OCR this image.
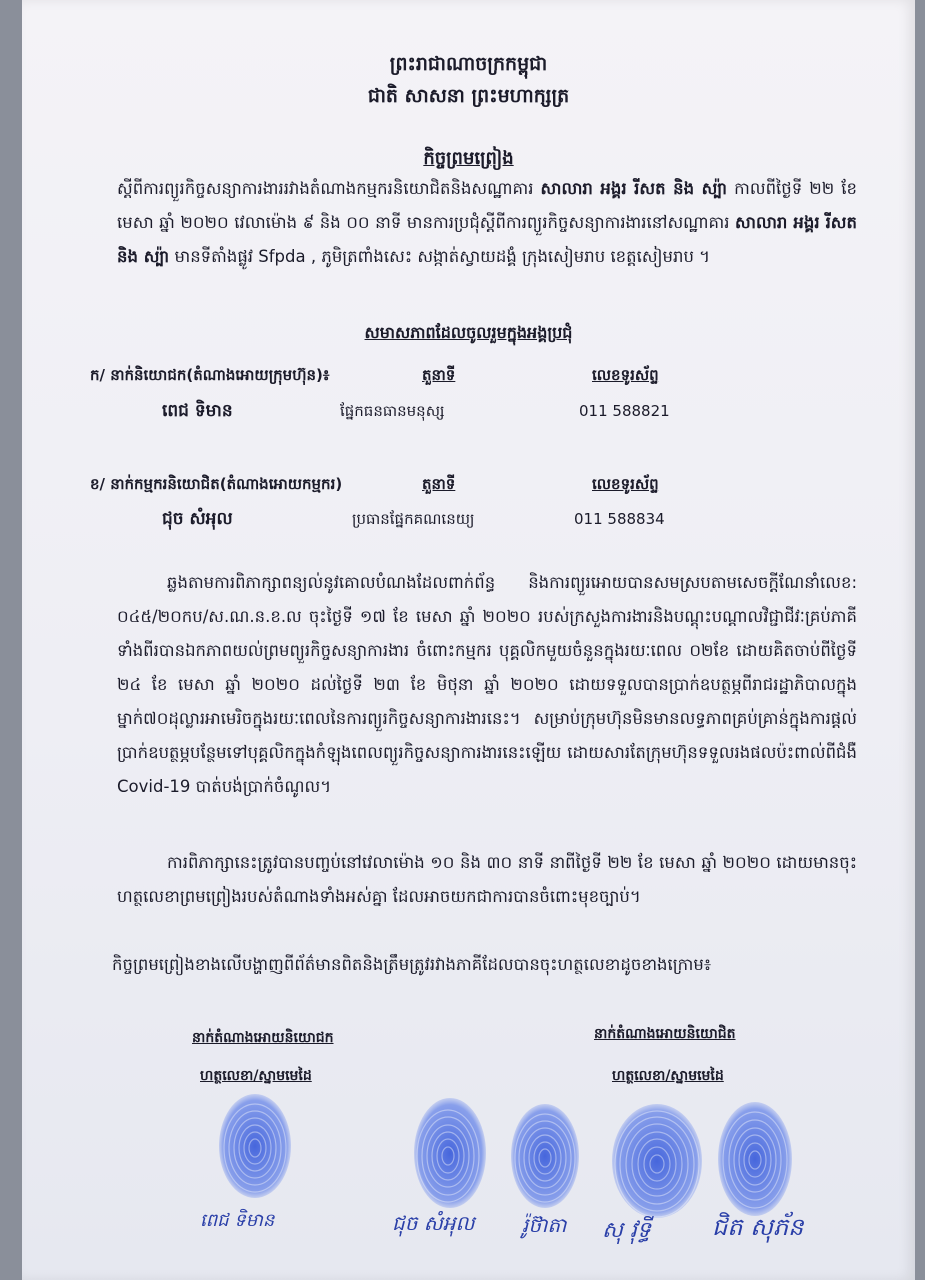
ព្រះរាជាណាចក្រកម្ពុជា
ជាតិ សាសនា ព្រះមហាក្សត្រ
កិច្ចព្រមព្រៀង

ស្តីពីការព្យួរកិច្ចសន្យាការងាររវាងតំណាងកម្មករនិយោជិតនិងសណ្ឋាគារ សាលារា អង្គរ រីសត និង ស្ប៉ា កាលពីថ្ងៃទី ២២ ខែ មេសា ឆ្នាំ ២០២០ វេលាម៉ោង ៩ និង ០០ នាទី មានការប្រជុំស្តីពីការព្យួរកិច្ចសន្យាការងារនៅសណ្ឋាគារ សាលារា អង្គរ រីសត និង ស្ប៉ា មានទីតាំងផ្លូវ Sfpda , ភូមិត្រពាំងសេះ សង្កាត់ស្វាយដង្គំ ក្រុងសៀមរាប ខេត្តសៀមរាប ។

សមាសភាពដែលចូលរួមក្នុងអង្គប្រជុំ
ក/ នាក់និយោជក(តំណាងអោយក្រុមហ៊ុន)៖	តួនាទី	លេខទូរស័ព្ទ
ពេជ ទិមាន	ផ្នែកធនធានមនុស្ស	011 588821
ខ/ នាក់កម្មករនិយោជិត(តំណាងអោយកម្មករ)	តួនាទី	លេខទូរស័ព្ទ
ជុច សំអុល	ប្រធានផ្នែកគណនេយ្យ	011 588834

ឆ្លងតាមការពិភាក្សាពន្យល់នូវគោលបំណងដែលពាក់ព័ន្ធ និងការព្យួរអោយបានសមស្របតាមសេចក្តីណែនាំលេខ: ០៤៥/២០កប/ស.ណ.ន.ខ.ល ចុះថ្ងៃទី ១៧ ខែ មេសា ឆ្នាំ ២០២០ របស់ក្រសួងការងារនិងបណ្តុះបណ្តាលវិជ្ជាជីវៈគ្រប់ភាគីទាំងពីរបានឯកភាពយល់ព្រមព្យួរកិច្ចសន្យាការងារ ចំពោះកម្មករ បុគ្គលិកមួយចំនួនក្នុងរយៈពេល ០២ខែ ដោយគិតចាប់ពីថ្ងៃទី ២៤ ខែ មេសា ឆ្នាំ ២០២០ ដល់ថ្ងៃទី ២៣ ខែ មិថុនា ឆ្នាំ ២០២០ ដោយទទួលបានប្រាក់ឧបត្ថម្ភពីរាជរដ្ឋាភិបាលក្នុងម្នាក់៧០ដុល្លារអាមេរិចក្នុងរយៈពេលនៃការព្យួរកិច្ចសន្យាការងារនេះ។ សម្រាប់ក្រុមហ៊ុនមិនមានលទ្ធភាពគ្រប់គ្រាន់ក្នុងការផ្តល់ប្រាក់ឧបត្ថម្ភបន្ថែមទៅបុគ្គលិកក្នុងកំឡុងពេលព្យួរកិច្ចសន្យាការងារនេះឡើយ ដោយសារតែក្រុមហ៊ុនទទួលរងផលប៉ះពាល់ពីជំងឺ Covid-19 បាត់បង់ប្រាក់ចំណូល។

ការពិភាក្សានេះត្រូវបានបញ្ចប់នៅវេលាម៉ោង ១០ និង ៣០ នាទី នាពីថ្ងៃទី ២២ ខែ មេសា ឆ្នាំ ២០២០ ដោយមានចុះហត្ថលេខាព្រមព្រៀងរបស់តំណាងទាំងអស់គ្នា ដែលអាចយកជាការបានចំពោះមុខច្បាប់។

កិច្ចព្រមព្រៀងខាងលើបង្ហាញពីព័ត៌មានពិតនិងត្រឹមត្រូវរវាងភាគីដែលបានចុះហត្ថលេខាដូចខាងក្រោម៖

នាក់តំណាងអោយនិយោជក
ហត្ថលេខា/ស្នាមមេដៃ
នាក់តំណាងអោយនិយោជិត
ហត្ថលេខា/ស្នាមមេដៃ
ពេជ ទិមាន	ជុច សំអុល រ៉ូថ៊ាតា សុ វុទ្ធី	ជិត សុភ័ន
